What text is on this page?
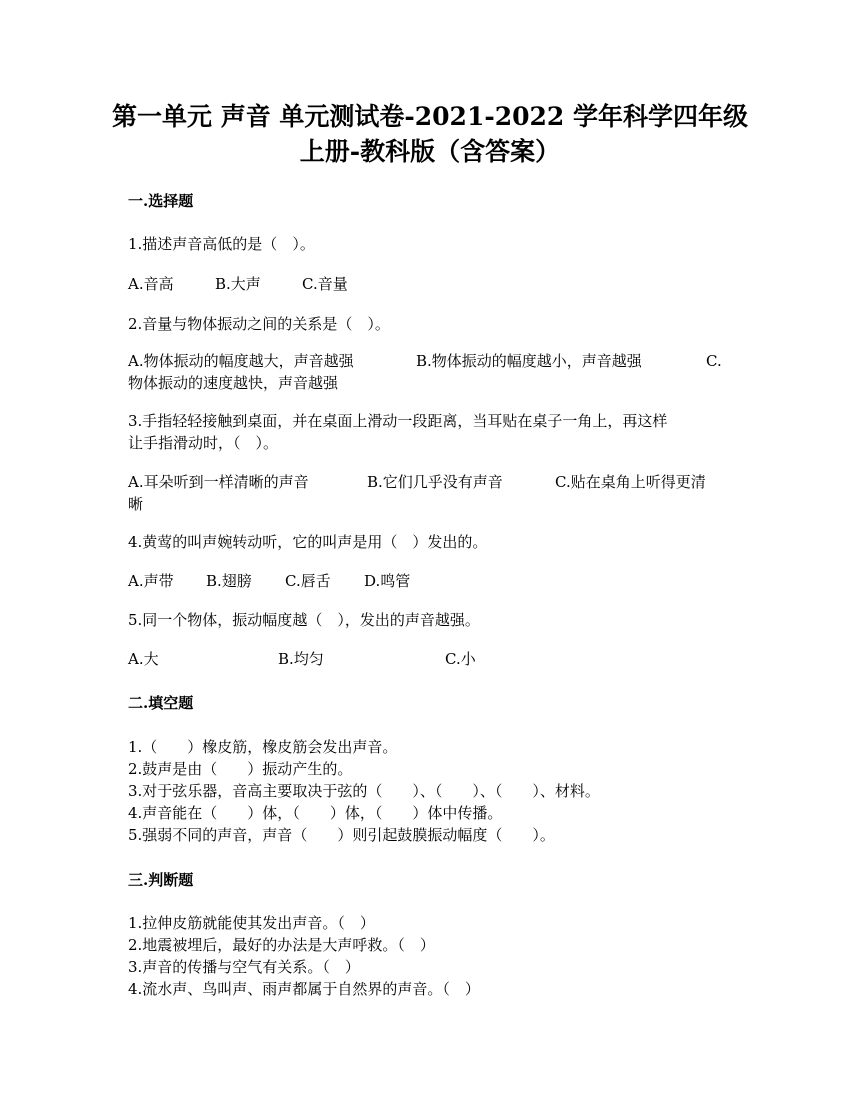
第一单元 声音 单元测试卷-2021-2022 学年科学四年级
上册-教科版（含答案）
一.选择题
1.描述声音高低的是（　）。
A.音高	B.大声	C.音量
2.音量与物体振动之间的关系是（　）。
A.物体振动的幅度越大，声音越强	B.物体振动的幅度越小，声音越强	C.
物体振动的速度越快，声音越强
3.手指轻轻接触到桌面，并在桌面上滑动一段距离，当耳贴在桌子一角上，再这样
让手指滑动时，（　）。
A.耳朵听到一样清晰的声音	B.它们几乎没有声音	C.贴在桌角上听得更清
晰
4.黄莺的叫声婉转动听，它的叫声是用（　）发出的。
A.声带 B.翅膀 C.唇舌 D.鸣管
5.同一个物体，振动幅度越（　），发出的声音越强。
A.大	B.均匀	C.小
二.填空题
1.（　　）橡皮筋，橡皮筋会发出声音。
2.鼓声是由（　　）振动产生的。
3.对于弦乐器，音高主要取决于弦的（　　）、（　　）、（　　）、材料。
4.声音能在（　　）体，（　　）体，（　　）体中传播。
5.强弱不同的声音，声音（　　）则引起鼓膜振动幅度（　　）。
三.判断题
1.拉伸皮筋就能使其发出声音。（　）
2.地震被埋后，最好的办法是大声呼救。（　）
3.声音的传播与空气有关系。（　）
4.流水声、鸟叫声、雨声都属于自然界的声音。（　）
